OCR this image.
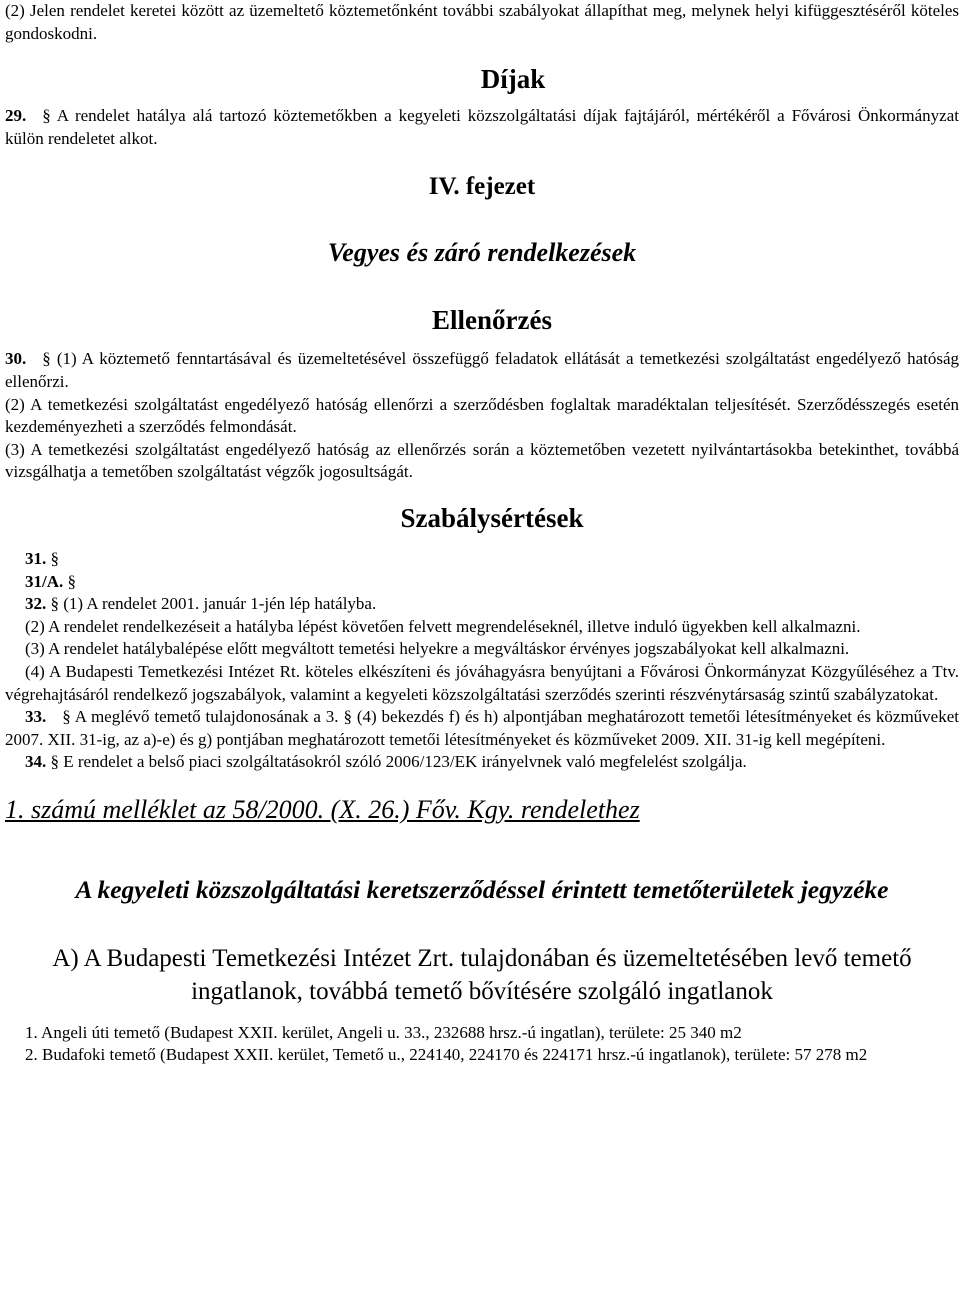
(2) Jelen rendelet keretei között az üzemeltető köztemetőnként további szabályokat állapíthat meg, melynek helyi kifüggesztéséről köteles gondoskodni.

Díjak

29. § A rendelet hatálya alá tartozó köztemetőkben a kegyeleti közszolgáltatási díjak fajtájáról, mértékéről a Fővárosi Önkormányzat külön rendeletet alkot.

IV. fejezet
Vegyes és záró rendelkezések
Ellenőrzés

30. § (1) A köztemető fenntartásával és üzemeltetésével összefüggő feladatok ellátását a temetkezési szolgáltatást engedélyező hatóság ellenőrzi.

(2) A temetkezési szolgáltatást engedélyező hatóság ellenőrzi a szerződésben foglaltak maradéktalan teljesítését. Szerződésszegés esetén kezdeményezheti a szerződés felmondását.

(3) A temetkezési szolgáltatást engedélyező hatóság az ellenőrzés során a köztemetőben vezetett nyilvántartásokba betekinthet, továbbá vizsgálhatja a temetőben szolgáltatást végzők jogosultságát.

Szabálysértések

31. §

31/A. §

32. § (1) A rendelet 2001. január 1-jén lép hatályba.

(2) A rendelet rendelkezéseit a hatályba lépést követően felvett megrendeléseknél, illetve induló ügyekben kell alkalmazni.

(3) A rendelet hatálybalépése előtt megváltott temetési helyekre a megváltáskor érvényes jogszabályokat kell alkalmazni.

(4) A Budapesti Temetkezési Intézet Rt. köteles elkészíteni és jóváhagyásra benyújtani a Fővárosi Önkormányzat Közgyűléséhez a Ttv. végrehajtásáról rendelkező jogszabályok, valamint a kegyeleti közszolgáltatási szerződés szerinti részvénytársaság szintű szabályzatokat.

33. § A meglévő temető tulajdonosának a 3. § (4) bekezdés f) és h) alpontjában meghatározott temetői létesítményeket és közműveket 2007. XII. 31-ig, az a)-e) és g) pontjában meghatározott temetői létesítményeket és közműveket 2009. XII. 31-ig kell megépíteni.

34. § E rendelet a belső piaci szolgáltatásokról szóló 2006/123/EK irányelvnek való megfelelést szolgálja.

1. számú melléklet az 58/2000. (X. 26.) Főv. Kgy. rendelethez

A kegyeleti közszolgáltatási keretszerződéssel érintett temetőterületek jegyzéke

A) A Budapesti Temetkezési Intézet Zrt. tulajdonában és üzemeltetésében levő temető ingatlanok, továbbá temető bővítésére szolgáló ingatlanok

1. Angeli úti temető (Budapest XXII. kerület, Angeli u. 33., 232688 hrsz.-ú ingatlan), területe: 25 340 m2

2. Budafoki temető (Budapest XXII. kerület, Temető u., 224140, 224170 és 224171 hrsz.-ú ingatlanok), területe: 57 278 m2
